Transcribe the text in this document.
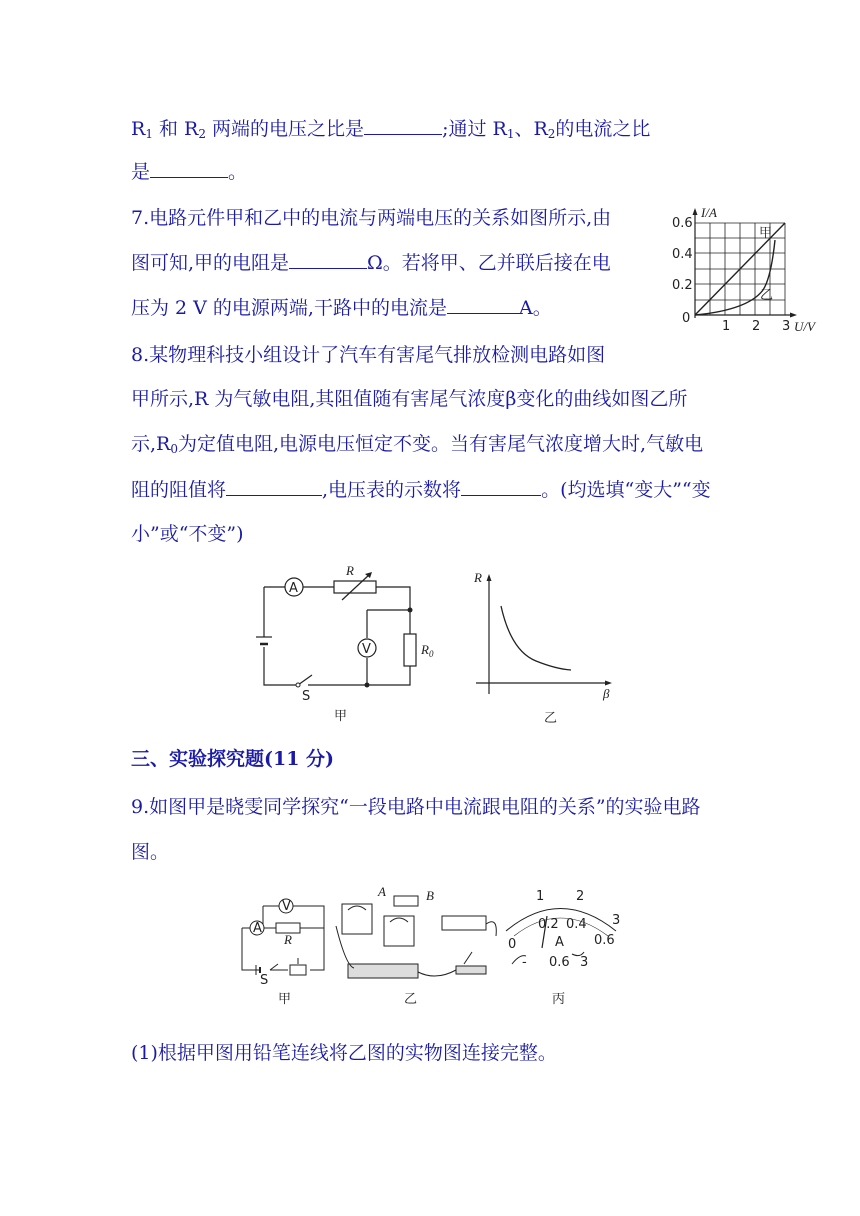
$R_1$ 和 $R_2$ 两端的电压之比是	;通过 $R_1$、$R_2$的电流之比
是	。
7.电路元件甲和乙中的电流与两端电压的关系如图所示,由
图可知,甲的电阻是	Ω。若将甲、乙并联后接在电
压为 2 V 的电源两端,干路中的电流是	A。
I/A
0.6
0.4
0.2
0
1 2 3 U/V
甲
乙
8.某物理科技小组设计了汽车有害尾气排放检测电路如图
甲所示,R 为气敏电阻,其阻值随有害尾气浓度β变化的曲线如图乙所
示$,R_0$为定值电阻,电源电压恒定不变。当有害尾气浓度增大时,气敏电
阻的阻值将	,电压表的示数将	。(均选填“变大”“变
小”或“不变”)
A
V
R
$R_0$
S
甲
R
β
乙
三、实验探究题(11 分)
9.如图甲是晓雯同学探究“一段电路中电流跟电阻的关系”的实验电路
图。
A
V
R
S
甲
A	B
乙
0
0.2 0.4
0.6
1 2
3
A
- 0.6 3
丙
(1)根据甲图用铅笔连线将乙图的实物图连接完整。
